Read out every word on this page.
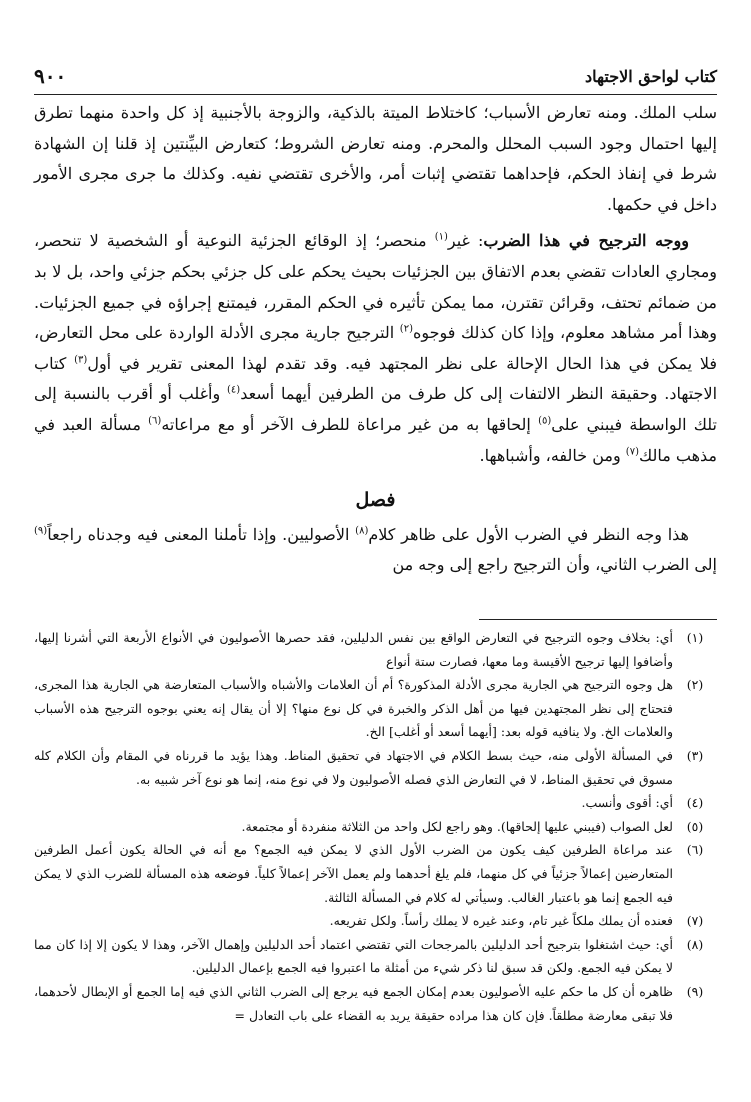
كتاب لواحق الاجتهاد
٩٠٠

سلب الملك. ومنه تعارض الأسباب؛ كاختلاط الميتة بالذكية، والزوجة بالأجنبية إذ كل واحدة منهما تطرق إليها احتمال وجود السبب المحلل والمحرم. ومنه تعارض الشروط؛ كتعارض البيِّنتين إذ قلنا إن الشهادة شرط في إنفاذ الحكم، فإحداهما تقتضي إثبات أمر، والأخرى تقتضي نفيه. وكذلك ما جرى مجرى الأمور داخل في حكمها.

ووجه الترجيح في هذا الضرب: غير$^{(١)}$ منحصر؛ إذ الوقائع الجزئية النوعية أو الشخصية لا تنحصر، ومجاري العادات تقضي بعدم الاتفاق بين الجزئيات بحيث يحكم على كل جزئي بحكم جزئي واحد، بل لا بد من ضمائم تحتف، وقرائن تقترن، مما يمكن تأثيره في الحكم المقرر، فيمتنع إجراؤه في جميع الجزئيات. وهذا أمر مشاهد معلوم، وإذا كان كذلك فوجوه$^{(٢)}$ الترجيح جارية مجرى الأدلة الواردة على محل التعارض، فلا يمكن في هذا الحال الإحالة على نظر المجتهد فيه. وقد تقدم لهذا المعنى تقرير في أول$^{(٣)}$ كتاب الاجتهاد. وحقيقة النظر الالتفات إلى كل طرف من الطرفين أيهما أسعد$^{(٤)}$ وأغلب أو أقرب بالنسبة إلى تلك الواسطة فيبني على$^{(٥)}$ إلحاقها به من غير مراعاة للطرف الآخر أو مع مراعاته$^{(٦)}$ مسألة العبد في مذهب مالك$^{(٧)}$ ومن خالفه، وأشباهها.

فصل

هذا وجه النظر في الضرب الأول على ظاهر كلام$^{(٨)}$ الأصوليين. وإذا تأملنا المعنى فيه وجدناه راجعاً$^{(٩)}$ إلى الضرب الثاني، وأن الترجيح راجع إلى وجه من

(١)
أي: بخلاف وجوه الترجيح في التعارض الواقع بين نفس الدليلين، فقد حصرها الأصوليون في الأنواع الأربعة التي أشرنا إليها، وأضافوا إليها ترجيح الأقيسة وما معها، فصارت ستة أنواع
(٢)
هل وجوه الترجيح هي الجارية مجرى الأدلة المذكورة؟ أم أن العلامات والأشباه والأسباب المتعارضة هي الجارية هذا المجرى، فتحتاج إلى نظر المجتهدين فيها من أهل الذكر والخبرة في كل نوع منها؟ إلا أن يقال إنه يعني بوجوه الترجيح هذه الأسباب والعلامات الخ. ولا ينافيه قوله بعد: [أيهما أسعد أو أغلب] الخ.
(٣)
في المسألة الأولى منه، حيث بسط الكلام في الاجتهاد في تحقيق المناط. وهذا يؤيد ما قررناه في المقام وأن الكلام كله مسوق في تحقيق المناط، لا في التعارض الذي فصله الأصوليون ولا في نوع منه، إنما هو نوع آخر شبيه به.
(٤)
أي: أقوى وأنسب.
(٥)
لعل الصواب (فيبني عليها إلحاقها). وهو راجع لكل واحد من الثلاثة منفردة أو مجتمعة.
(٦)
عند مراعاة الطرفين كيف يكون من الضرب الأول الذي لا يمكن فيه الجمع؟ مع أنه في الحالة يكون أعمل الطرفين المتعارضين إعمالاً جزئياً في كل منهما، فلم يلغ أحدهما ولم يعمل الآخر إعمالاً كلياً. فوضعه هذه المسألة للضرب الذي لا يمكن فيه الجمع إنما هو باعتبار الغالب. وسيأتي له كلام في المسألة الثالثة.
(٧)
فعنده أن يملك ملكاً غير تام، وعند غيره لا يملك رأساً. ولكل تفريعه.
(٨)
أي: حيث اشتغلوا بترجيح أحد الدليلين بالمرجحات التي تقتضي اعتماد أحد الدليلين وإهمال الآخر، وهذا لا يكون إلا إذا كان مما لا يمكن فيه الجمع. ولكن قد سبق لنا ذكر شيء من أمثلة ما اعتبروا فيه الجمع بإعمال الدليلين.
(٩)
ظاهره أن كل ما حكم عليه الأصوليون بعدم إمكان الجمع فيه يرجع إلى الضرب الثاني الذي فيه إما الجمع أو الإبطال لأحدهما، فلا تبقى معارضة مطلقاً. فإن كان هذا مراده حقيقة يريد به القضاء على باب التعادل =
